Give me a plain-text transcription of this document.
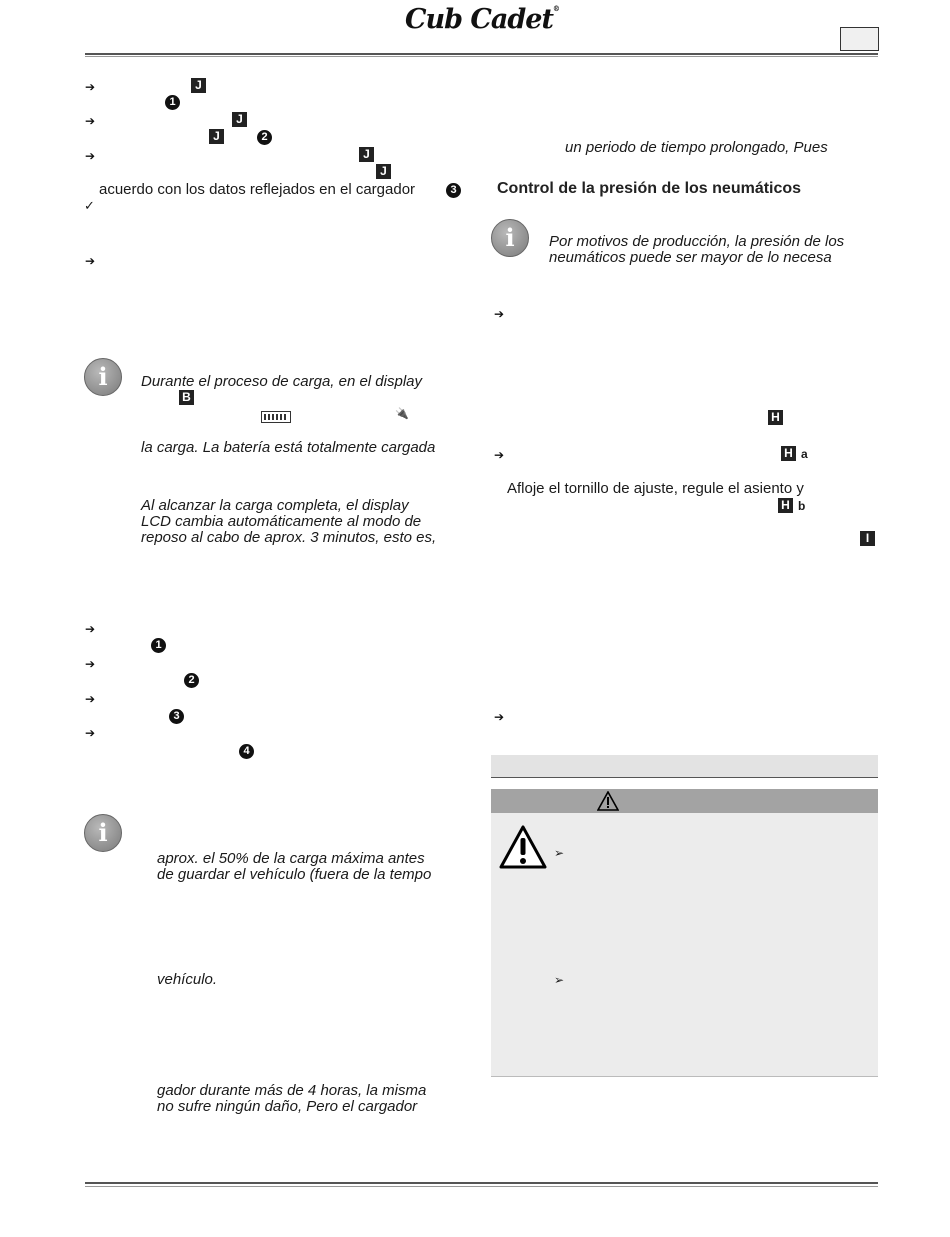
Cub Cadet®
➔	J
1
➔	J
J	2
➔	J
J
acuerdo con los datos reflejados en el cargador	3
✓
➔
i	Durante el proceso de carga, en el display
B
🔌
la carga. La batería está totalmente cargada
Al alcanzar la carga completa, el display
LCD cambia automáticamente al modo de
reposo al cabo de aprox. 3 minutos, esto es,
➔
1
➔
2
➔
3
➔
4
i
aprox. el 50% de la carga máxima antes
de guardar el vehículo (fuera de la tempo
vehículo.
gador durante más de 4 horas, la misma
no sufre ningún daño, Pero el cargador
un periodo de tiempo prolongado, Pues
Control de la presión de los neumáticos
i	Por motivos de producción, la presión de los
neumáticos puede ser mayor de lo necesa
➔
H
➔	H a
Afloje el tornillo de ajuste, regule el asiento y
H b
I
➔
➢
➢
